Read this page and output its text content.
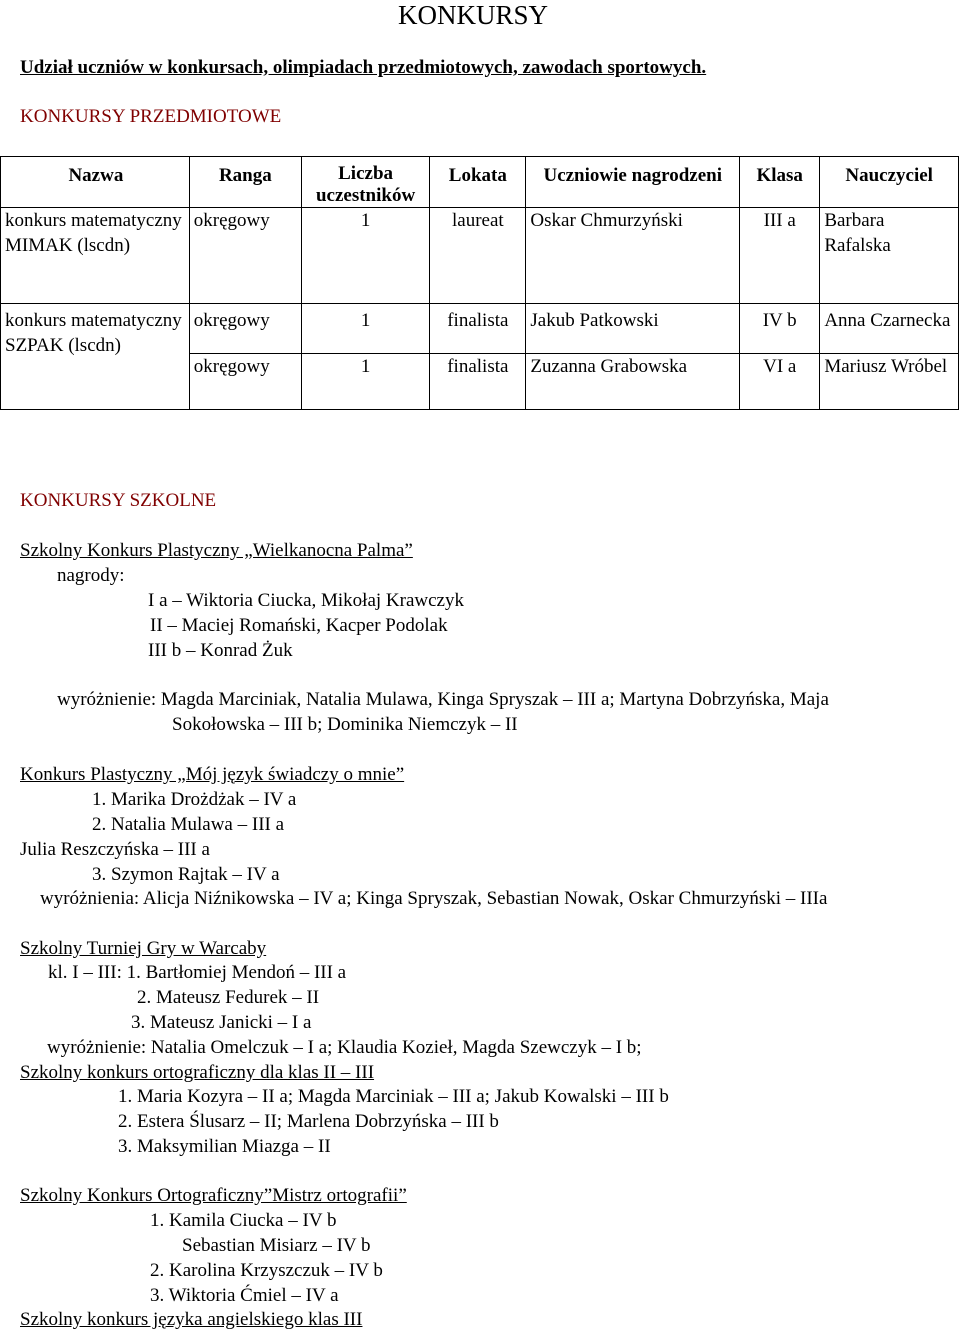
KONKURSY
Udział uczniów w konkursach, olimpiadach przedmiotowych, zawodach sportowych.
KONKURSY PRZEDMIOTOWE
Nazwa	Ranga	Liczba uczestników	Lokata	Uczniowie nagrodzeni	Klasa	Nauczyciel
konkurs matematyczny MIMAK (lscdn)	okręgowy	1	laureat	Oskar Chmurzyński	III a	Barbara Rafalska
konkurs matematyczny SZPAK (lscdn)	okręgowy	1	finalista	Jakub Patkowski	IV b	Anna Czarnecka
	okręgowy	1	finalista	Zuzanna Grabowska	VI a	Mariusz Wróbel
KONKURSY SZKOLNE
Szkolny Konkurs Plastyczny „Wielkanocna Palma”
nagrody:
I a – Wiktoria Ciucka, Mikołaj Krawczyk
II – Maciej Romański, Kacper Podolak
III b – Konrad Żuk
wyróżnienie: Magda Marciniak, Natalia Mulawa, Kinga Spryszak – III a; Martyna Dobrzyńska, Maja
Sokołowska – III b; Dominika Niemczyk – II
Konkurs Plastyczny „Mój język świadczy o mnie”
1. Marika Drożdżak – IV a
2. Natalia Mulawa – III a
Julia Reszczyńska – III a
3. Szymon Rajtak – IV a
wyróżnienia: Alicja Niźnikowska – IV a; Kinga Spryszak, Sebastian Nowak, Oskar Chmurzyński – IIIa
Szkolny Turniej Gry w Warcaby
kl. I – III: 1. Bartłomiej Mendoń – III a
2. Mateusz Fedurek – II
3. Mateusz Janicki – I a
wyróżnienie: Natalia Omelczuk – I a; Klaudia Kozieł, Magda Szewczyk – I b;
Szkolny konkurs ortograficzny dla klas II – III
1. Maria Kozyra – II a; Magda Marciniak – III a; Jakub Kowalski – III b
2. Estera Ślusarz – II; Marlena Dobrzyńska – III b
3. Maksymilian Miazga – II
Szkolny Konkurs Ortograficzny”Mistrz ortografii”
1. Kamila Ciucka – IV b
Sebastian Misiarz – IV b
2. Karolina Krzyszczuk – IV b
3. Wiktoria Ćmiel – IV a
Szkolny konkurs języka angielskiego klas III
